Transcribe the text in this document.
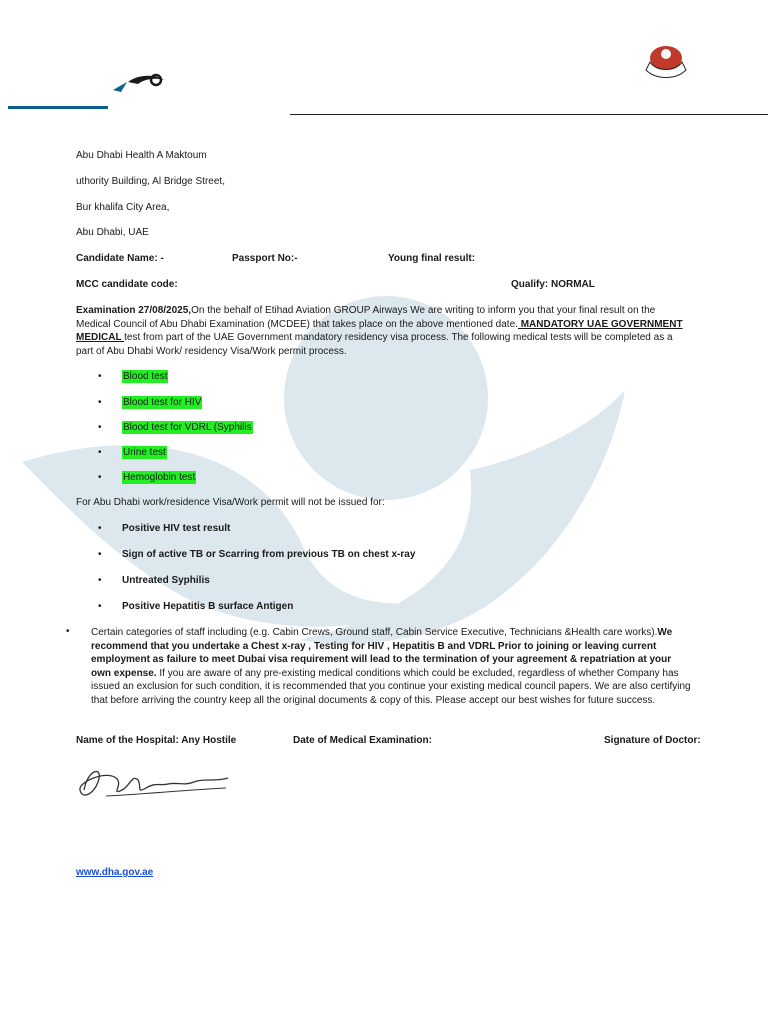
Abu Dhabi Health A Maktoum
uthority Building, Al Bridge Street,
Bur khalifa City Area,
Abu Dhabi, UAE
Candidate Name: -	Passport No:-	Young final result:
MCC candidate code:	Qualify: NORMAL
Examination 27/08/2025,On the behalf of Etihad Aviation GROUP Airways We are writing to inform you that your final result on the Medical Council of Abu Dhabi Examination (MCDEE) that takes place on the above mentioned date. MANDATORY UAE GOVERNMENT MEDICAL test from part of the UAE Government mandatory residency visa process. The following medical tests will be completed as a part of Abu Dhabi Work/ residency Visa/Work permit process.
• Blood test
• Blood test for HIV
• Blood test for VDRL (Syphilis
• Urine test
• Hemoglobin test
For Abu Dhabi work/residence Visa/Work permit will not be issued for:
• Positive HIV test result
• Sign of active TB or Scarring from previous TB on chest x-ray
• Untreated Syphilis
• Positive Hepatitis B surface Antigen
• Certain categories of staff including (e.g. Cabin Crews, Ground staff, Cabin Service Executive, Technicians &Health care works).We recommend that you undertake a Chest x-ray , Testing for HIV , Hepatitis B and VDRL Prior to joining or leaving current employment as failure to meet Dubai visa requirement will lead to the termination of your agreement & repatriation at your own expense. If you are aware of any pre-existing medical conditions which could be excluded, regardless of whether Company has issued an exclusion for such condition, it is recommended that you continue your existing medical council papers. We are also certifying that before arriving the country keep all the original documents & copy of this. Please accept our best wishes for future success.
Name of the Hospital: Any Hostile	Date of Medical Examination:	Signature of Doctor:
www.dha.gov.ae
